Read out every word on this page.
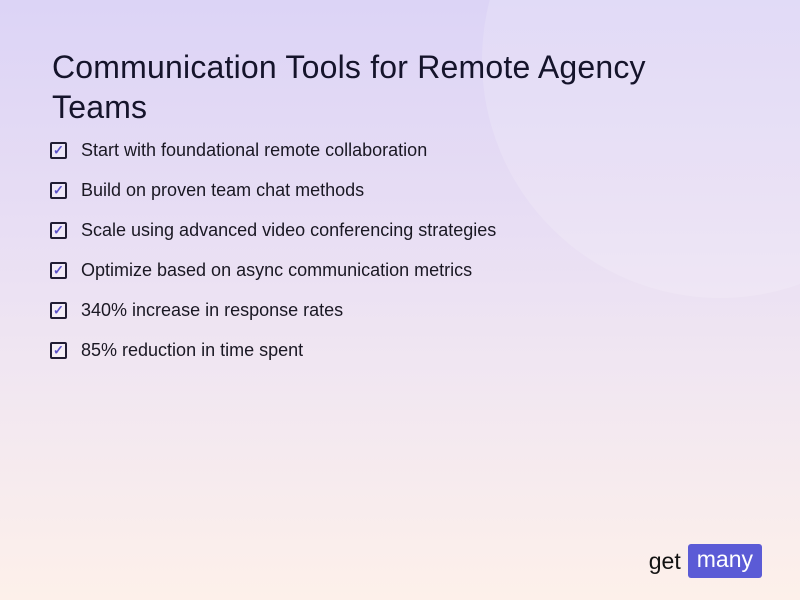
Communication Tools for Remote Agency Teams
✓ Start with foundational remote collaboration
✓ Build on proven team chat methods
✓ Scale using advanced video conferencing strategies
✓ Optimize based on async communication metrics
✓ 340% increase in response rates
✓ 85% reduction in time spent
get many
